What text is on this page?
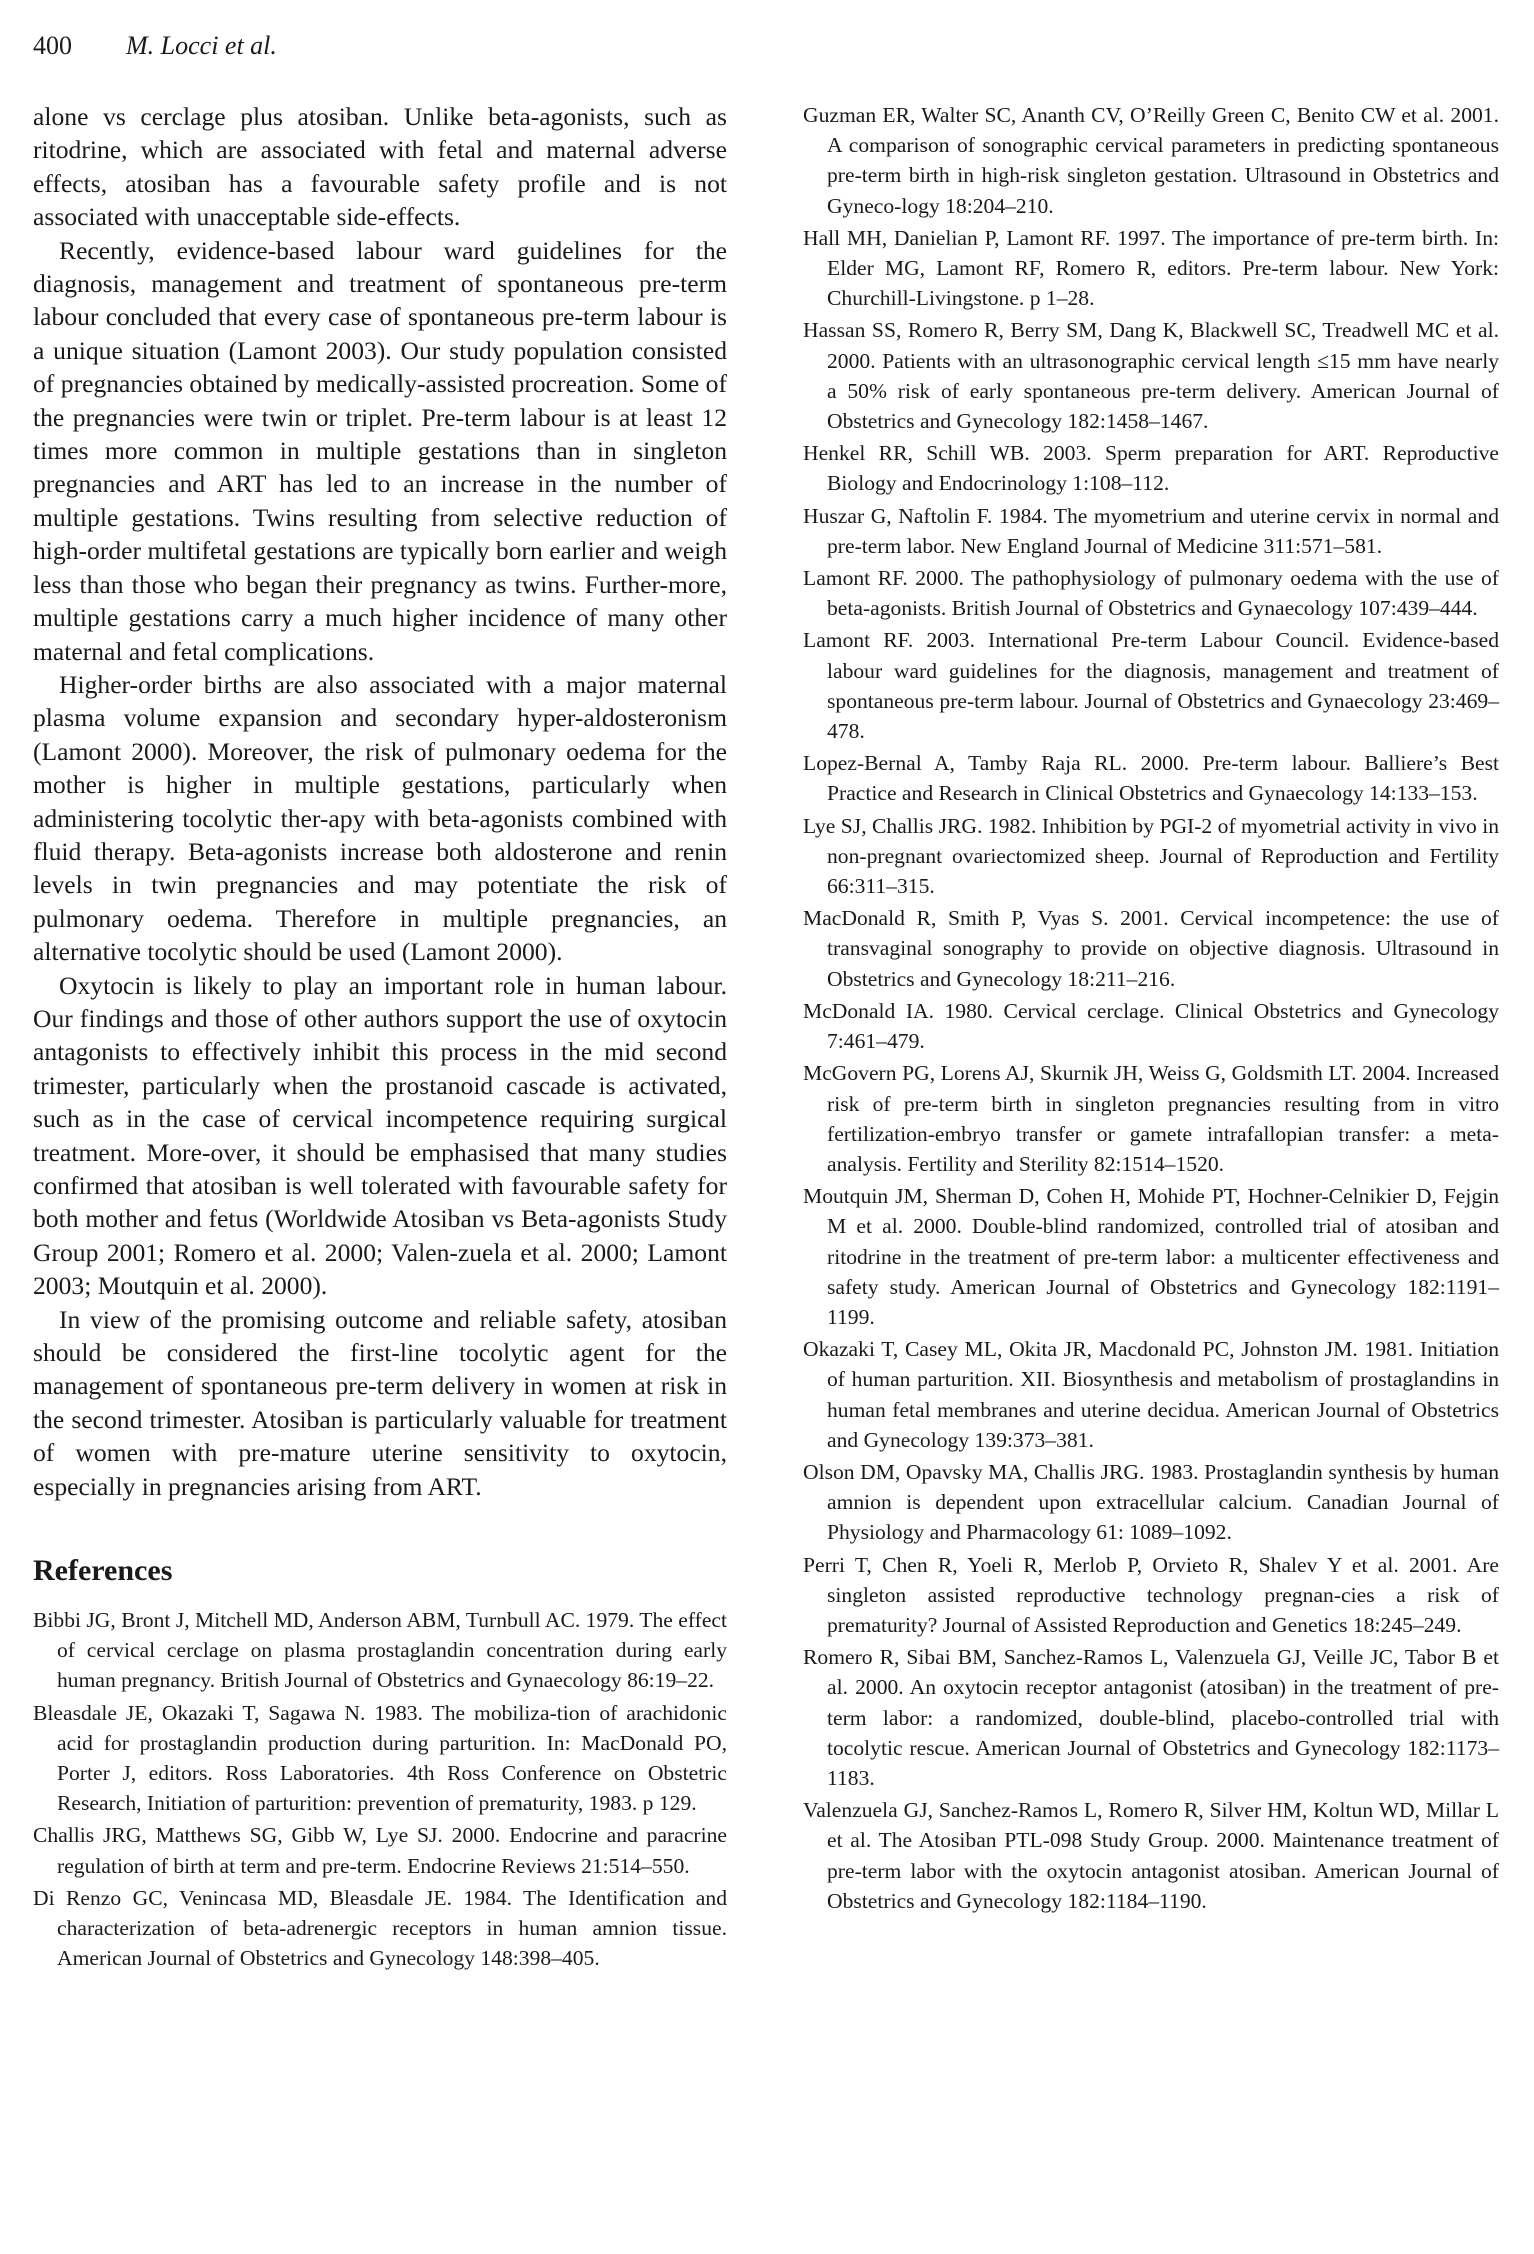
400 M. Locci et al.

alone vs cerclage plus atosiban. Unlike beta-agonists, such as ritodrine, which are associated with fetal and maternal adverse effects, atosiban has a favourable safety profile and is not associated with unacceptable side-effects.

Recently, evidence-based labour ward guidelines for the diagnosis, management and treatment of spontaneous pre-term labour concluded that every case of spontaneous pre-term labour is a unique situation (Lamont 2003). Our study population consisted of pregnancies obtained by medically-assisted procreation. Some of the pregnancies were twin or triplet. Pre-term labour is at least 12 times more common in multiple gestations than in singleton pregnancies and ART has led to an increase in the number of multiple gestations. Twins resulting from selective reduction of high-order multifetal gestations are typically born earlier and weigh less than those who began their pregnancy as twins. Further-more, multiple gestations carry a much higher incidence of many other maternal and fetal complications.

Higher-order births are also associated with a major maternal plasma volume expansion and secondary hyper-aldosteronism (Lamont 2000). Moreover, the risk of pulmonary oedema for the mother is higher in multiple gestations, particularly when administering tocolytic ther-apy with beta-agonists combined with fluid therapy. Beta-agonists increase both aldosterone and renin levels in twin pregnancies and may potentiate the risk of pulmonary oedema. Therefore in multiple pregnancies, an alternative tocolytic should be used (Lamont 2000).

Oxytocin is likely to play an important role in human labour. Our findings and those of other authors support the use of oxytocin antagonists to effectively inhibit this process in the mid second trimester, particularly when the prostanoid cascade is activated, such as in the case of cervical incompetence requiring surgical treatment. More-over, it should be emphasised that many studies confirmed that atosiban is well tolerated with favourable safety for both mother and fetus (Worldwide Atosiban vs Beta-agonists Study Group 2001; Romero et al. 2000; Valen-zuela et al. 2000; Lamont 2003; Moutquin et al. 2000).

In view of the promising outcome and reliable safety, atosiban should be considered the first-line tocolytic agent for the management of spontaneous pre-term delivery in women at risk in the second trimester. Atosiban is particularly valuable for treatment of women with pre-mature uterine sensitivity to oxytocin, especially in pregnancies arising from ART.

References

Bibbi JG, Bront J, Mitchell MD, Anderson ABM, Turnbull AC. 1979. The effect of cervical cerclage on plasma prostaglandin concentration during early human pregnancy. British Journal of Obstetrics and Gynaecology 86:19–22.

Bleasdale JE, Okazaki T, Sagawa N. 1983. The mobiliza-tion of arachidonic acid for prostaglandin production during parturition. In: MacDonald PO, Porter J, editors. Ross Laboratories. 4th Ross Conference on Obstetric Research, Initiation of parturition: prevention of prematurity, 1983. p 129.

Challis JRG, Matthews SG, Gibb W, Lye SJ. 2000. Endocrine and paracrine regulation of birth at term and pre-term. Endocrine Reviews 21:514–550.

Di Renzo GC, Venincasa MD, Bleasdale JE. 1984. The Identification and characterization of beta-adrenergic receptors in human amnion tissue. American Journal of Obstetrics and Gynecology 148:398–405.

Guzman ER, Walter SC, Ananth CV, O’Reilly Green C, Benito CW et al. 2001. A comparison of sonographic cervical parameters in predicting spontaneous pre-term birth in high-risk singleton gestation. Ultrasound in Obstetrics and Gyneco-logy 18:204–210.

Hall MH, Danielian P, Lamont RF. 1997. The importance of pre-term birth. In: Elder MG, Lamont RF, Romero R, editors. Pre-term labour. New York: Churchill-Livingstone. p 1–28.

Hassan SS, Romero R, Berry SM, Dang K, Blackwell SC, Treadwell MC et al. 2000. Patients with an ultrasonographic cervical length ≤15 mm have nearly a 50% risk of early spontaneous pre-term delivery. American Journal of Obstetrics and Gynecology 182:1458–1467.

Henkel RR, Schill WB. 2003. Sperm preparation for ART. Reproductive Biology and Endocrinology 1:108–112.

Huszar G, Naftolin F. 1984. The myometrium and uterine cervix in normal and pre-term labor. New England Journal of Medicine 311:571–581.

Lamont RF. 2000. The pathophysiology of pulmonary oedema with the use of beta-agonists. British Journal of Obstetrics and Gynaecology 107:439–444.

Lamont RF. 2003. International Pre-term Labour Council. Evidence-based labour ward guidelines for the diagnosis, management and treatment of spontaneous pre-term labour. Journal of Obstetrics and Gynaecology 23:469–478.

Lopez-Bernal A, Tamby Raja RL. 2000. Pre-term labour. Balliere’s Best Practice and Research in Clinical Obstetrics and Gynaecology 14:133–153.

Lye SJ, Challis JRG. 1982. Inhibition by PGI-2 of myometrial activity in vivo in non-pregnant ovariectomized sheep. Journal of Reproduction and Fertility 66:311–315.

MacDonald R, Smith P, Vyas S. 2001. Cervical incompetence: the use of transvaginal sonography to provide on objective diagnosis. Ultrasound in Obstetrics and Gynecology 18:211–216.

McDonald IA. 1980. Cervical cerclage. Clinical Obstetrics and Gynecology 7:461–479.

McGovern PG, Lorens AJ, Skurnik JH, Weiss G, Goldsmith LT. 2004. Increased risk of pre-term birth in singleton pregnancies resulting from in vitro fertilization-embryo transfer or gamete intrafallopian transfer: a meta-analysis. Fertility and Sterility 82:1514–1520.

Moutquin JM, Sherman D, Cohen H, Mohide PT, Hochner-Celnikier D, Fejgin M et al. 2000. Double-blind randomized, controlled trial of atosiban and ritodrine in the treatment of pre-term labor: a multicenter effectiveness and safety study. American Journal of Obstetrics and Gynecology 182:1191–1199.

Okazaki T, Casey ML, Okita JR, Macdonald PC, Johnston JM. 1981. Initiation of human parturition. XII. Biosynthesis and metabolism of prostaglandins in human fetal membranes and uterine decidua. American Journal of Obstetrics and Gynecology 139:373–381.

Olson DM, Opavsky MA, Challis JRG. 1983. Prostaglandin synthesis by human amnion is dependent upon extracellular calcium. Canadian Journal of Physiology and Pharmacology 61: 1089–1092.

Perri T, Chen R, Yoeli R, Merlob P, Orvieto R, Shalev Y et al. 2001. Are singleton assisted reproductive technology pregnan-cies a risk of prematurity? Journal of Assisted Reproduction and Genetics 18:245–249.

Romero R, Sibai BM, Sanchez-Ramos L, Valenzuela GJ, Veille JC, Tabor B et al. 2000. An oxytocin receptor antagonist (atosiban) in the treatment of pre-term labor: a randomized, double-blind, placebo-controlled trial with tocolytic rescue. American Journal of Obstetrics and Gynecology 182:1173–1183.

Valenzuela GJ, Sanchez-Ramos L, Romero R, Silver HM, Koltun WD, Millar L et al. The Atosiban PTL-098 Study Group. 2000. Maintenance treatment of pre-term labor with the oxytocin antagonist atosiban. American Journal of Obstetrics and Gynecology 182:1184–1190.
